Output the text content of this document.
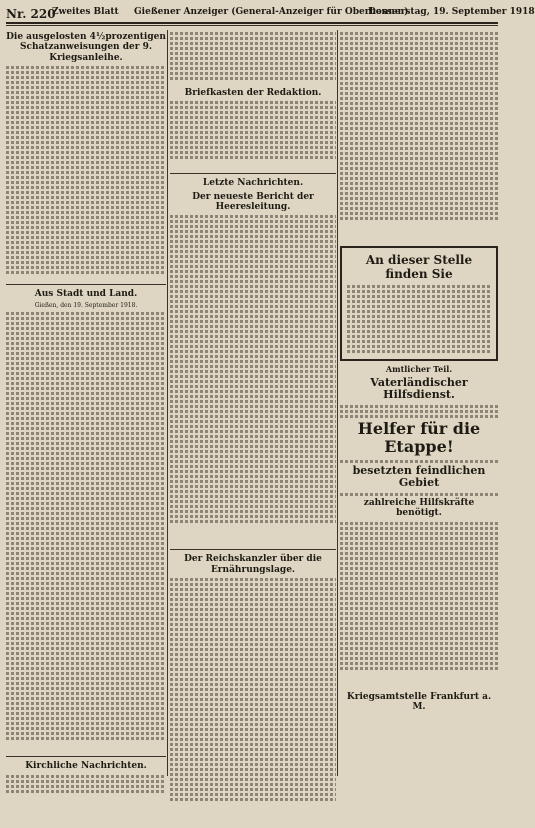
Nr. 220
Zweites Blatt Gießener Anzeiger (General-Anzeiger für Oberhessen)
Donnerstag, 19. September 1918
Die ausgelosten 4½prozentigen Schatzanweisungen der 9. Kriegsanleihe.
Aus Stadt und Land.
Gießen, den 19. September 1918.
Kirchliche Nachrichten.
Briefkasten der Redaktion.
Letzte Nachrichten.
Der neueste Bericht der Heeresleitung.
Der Reichskanzler über die Ernährungslage.
An dieser Stelle finden Sie
Amtlicher Teil.
Vaterländischer Hilfsdienst.
Helfer für die Etappe!
besetzten feindlichen Gebiet
zahlreiche Hilfskräfte benötigt.
Kriegsamtstelle Frankfurt a. M.
